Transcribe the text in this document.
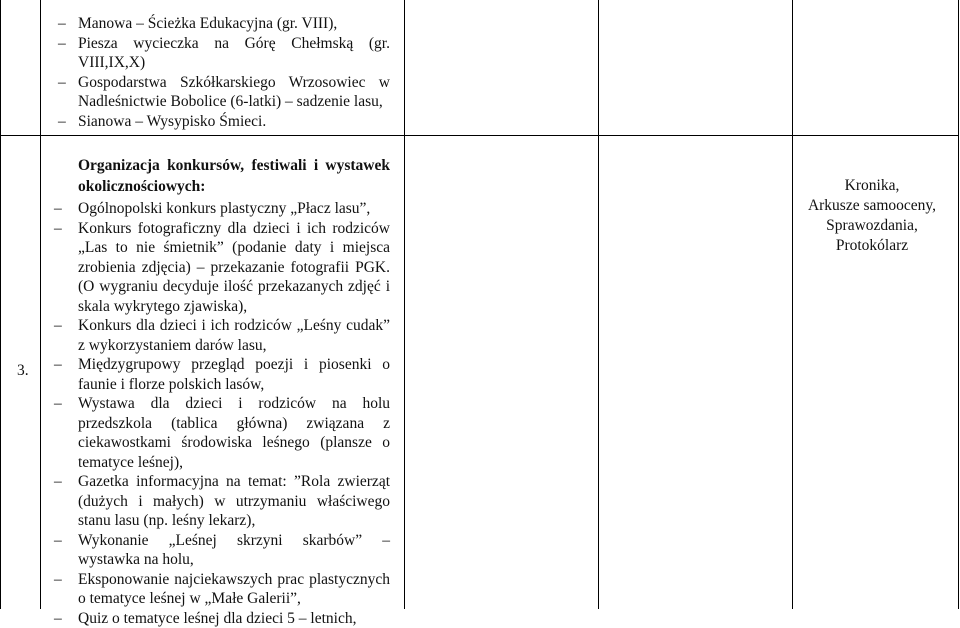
– Manowa – Ścieżka Edukacyjna (gr. VIII),
– Piesza wycieczka na Górę Chełmską (gr. VIII,IX,X)
– Gospodarstwa Szkółkarskiego Wrzosowiec w Nadleśnictwie Bobolice (6-latki) – sadzenie lasu,
– Sianowa – Wysypisko Śmieci.
3.
Organizacja konkursów, festiwali i wystawek
okolicznościowych:
– Ogólnopolski konkurs plastyczny „Płacz lasu”,
– Konkurs fotograficzny dla dzieci i ich rodziców „Las to nie śmietnik” (podanie daty i miejsca zrobienia zdjęcia) – przekazanie fotografii PGK. (O wygraniu decyduje ilość przekazanych zdjęć i skala wykrytego zjawiska),
– Konkurs dla dzieci i ich rodziców „Leśny cudak” z wykorzystaniem darów lasu,
– Międzygrupowy przegląd poezji i piosenki o faunie i florze polskich lasów,
– Wystawa dla dzieci i rodziców na holu przedszkola (tablica główna) związana z ciekawostkami środowiska leśnego (plansze o tematyce leśnej),
– Gazetka informacyjna na temat: ”Rola zwierząt (dużych i małych) w utrzymaniu właściwego stanu lasu (np. leśny lekarz),
– Wykonanie „Leśnej skrzyni skarbów” – wystawka na holu,
– Eksponowanie najciekawszych prac plastycznych o tematyce leśnej w „Małe Galerii”,
– Quiz o tematyce leśnej dla dzieci 5 – letnich,
Kronika,
Arkusze samooceny,
Sprawozdania,
Protokólarz
